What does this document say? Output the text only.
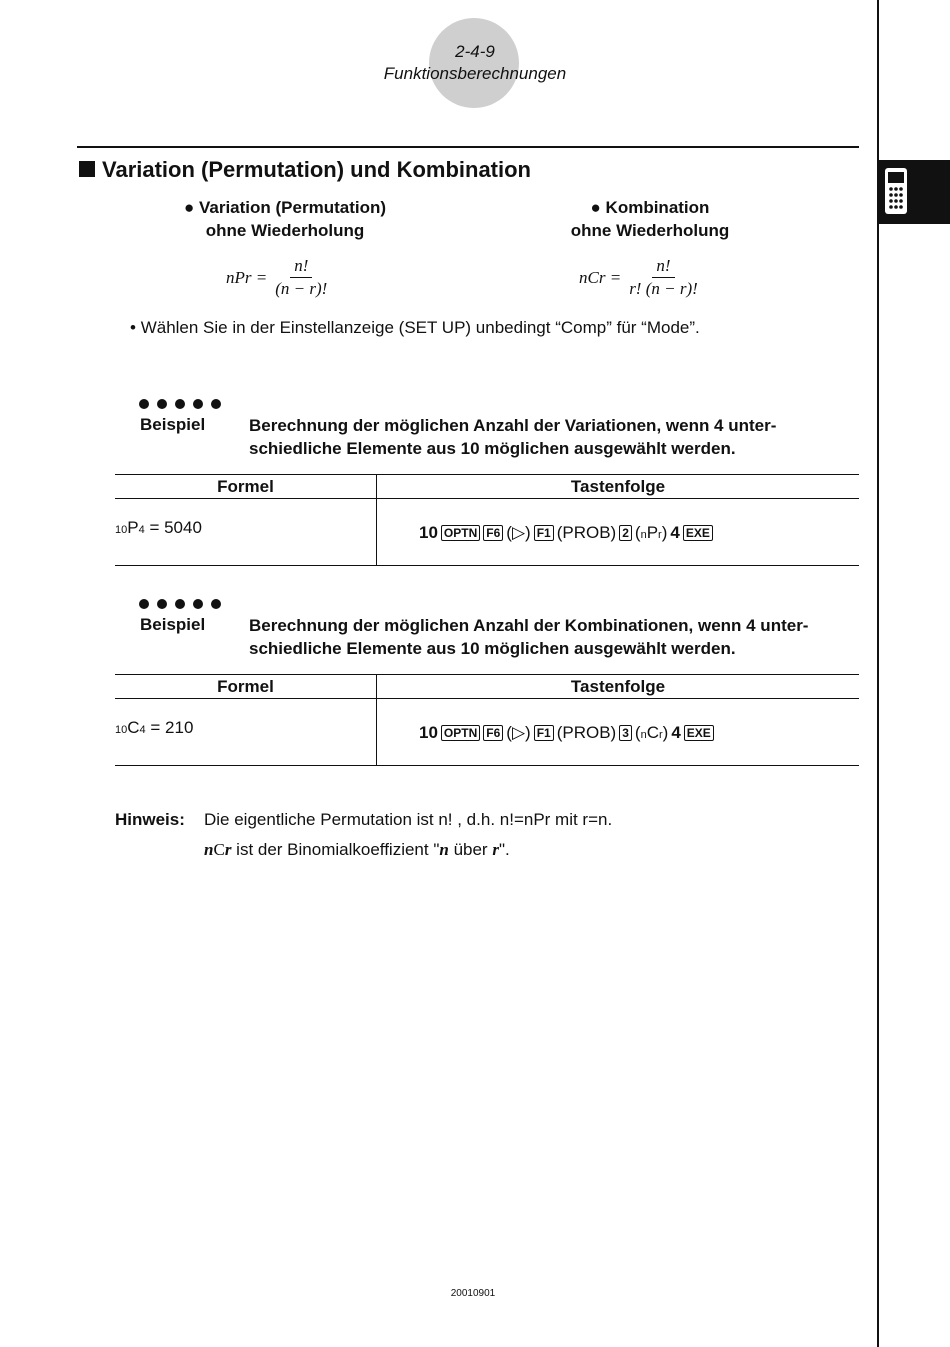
2-4-9
Funktionsberechnungen
Variation (Permutation) und Kombination
● Variation (Permutation)
ohne Wiederholung
nPr = $\frac{n!}{(n - r)!}$
● Kombination
ohne Wiederholung
nCr = $\frac{n!}{r! (n - r)!}$
• Wählen Sie in der Einstellanzeige (SET UP) unbedingt “Comp” für “Mode”.
Beispiel	Berechnung der möglichen Anzahl der Variationen, wenn 4 unter-schiedliche Elemente aus 10 möglichen ausgewählt werden.
Formel	Tastenfolge
10P4 = 5040	10 OPTN F6 (▷) F1 (PROB) 2 (nPr) 4 EXE
Beispiel	Berechnung der möglichen Anzahl der Kombinationen, wenn 4 unter-schiedliche Elemente aus 10 möglichen ausgewählt werden.
Formel	Tastenfolge
10C4 = 210	10 OPTN F6 (▷) F1 (PROB) 3 (nCr) 4 EXE
Hinweis: Die eigentliche Permutation ist n! , d.h. n!=nPr mit r=n.
nCr ist der Binomialkoeffizient "n über r".
20010901
